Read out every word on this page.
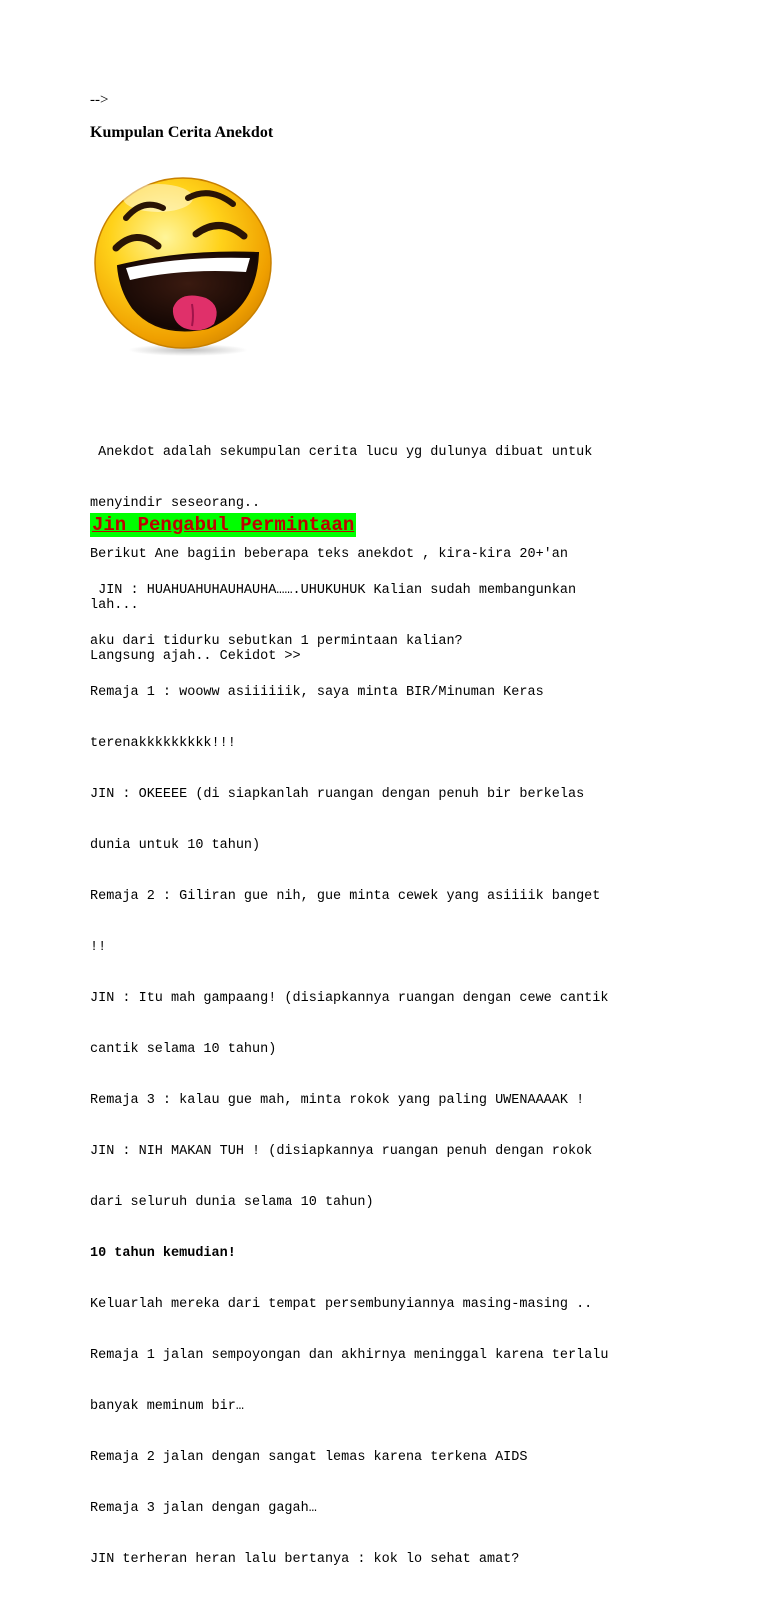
-->
Kumpulan Cerita Anekdot

Anekdot adalah sekumpulan cerita lucu yg dulunya dibuat untuk

menyindir seseorang..

Berikut Ane bagiin beberapa teks anekdot , kira-kira 20+'an

lah...

Langsung ajah.. Cekidot >>

Jin Pengabul Permintaan

JIN : HUAHUAHUHAUHAUHA…….UHUKUHUK Kalian sudah membangunkan

aku dari tidurku sebutkan 1 permintaan kalian?

Remaja 1 : wooww asiiiiiik, saya minta BIR/Minuman Keras

terenakkkkkkkkk!!!

JIN : OKEEEE (di siapkanlah ruangan dengan penuh bir berkelas

dunia untuk 10 tahun)

Remaja 2 : Giliran gue nih, gue minta cewek yang asiiiik banget

!!

JIN : Itu mah gampaang! (disiapkannya ruangan dengan cewe cantik

cantik selama 10 tahun)

Remaja 3 : kalau gue mah, minta rokok yang paling UWENAAAAK !

JIN : NIH MAKAN TUH ! (disiapkannya ruangan penuh dengan rokok

dari seluruh dunia selama 10 tahun)

10 tahun kemudian!

Keluarlah mereka dari tempat persembunyiannya masing-masing ..

Remaja 1 jalan sempoyongan dan akhirnya meninggal karena terlalu

banyak meminum bir…

Remaja 2 jalan dengan sangat lemas karena terkena AIDS

Remaja 3 jalan dengan gagah…

JIN terheran heran lalu bertanya : kok lo sehat amat?
